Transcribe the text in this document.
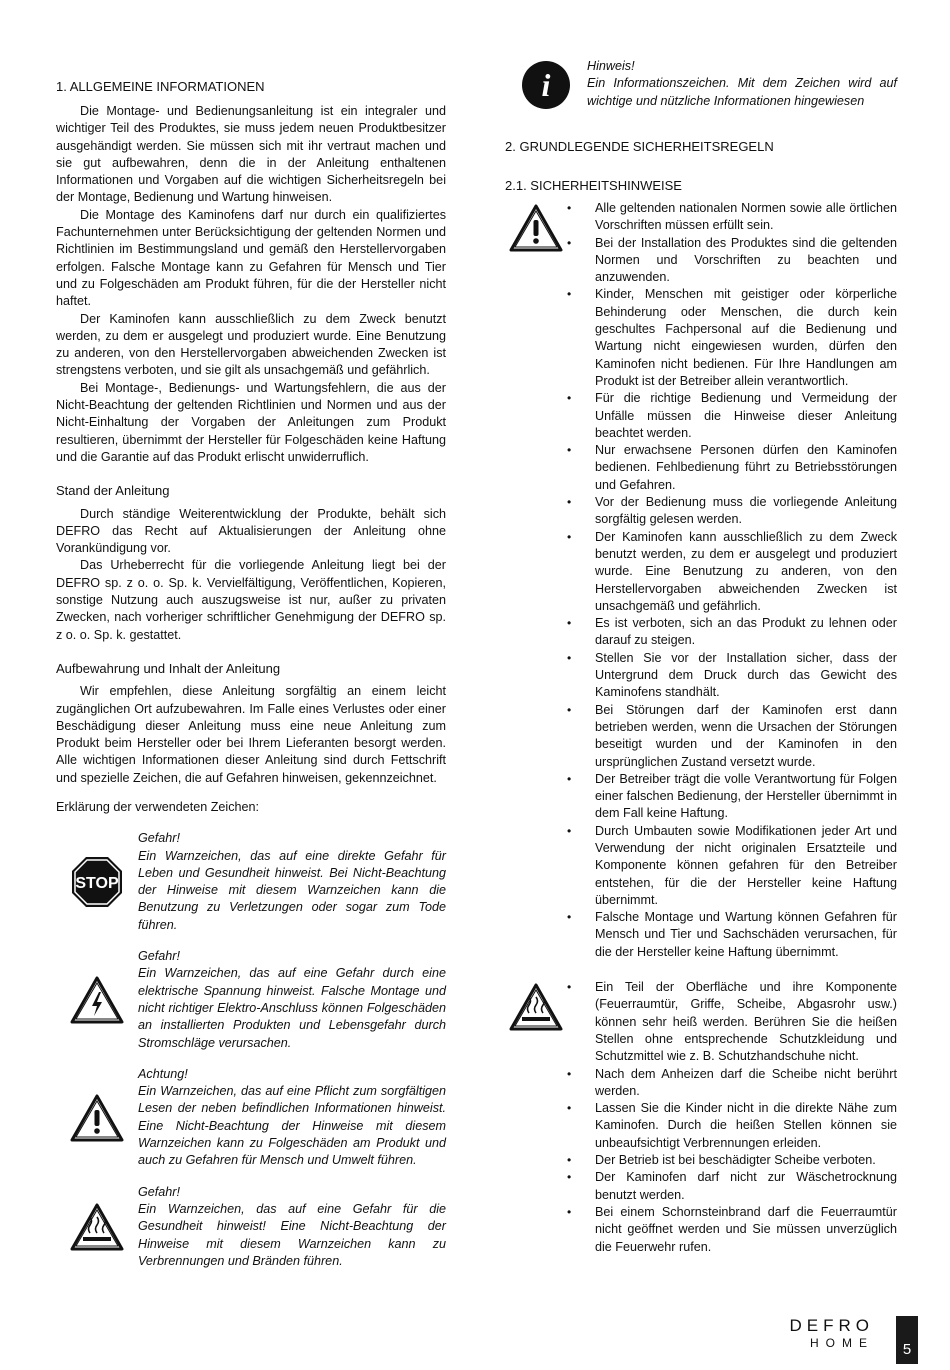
1. ALLGEMEINE INFORMATIONEN

Die Montage- und Bedienungsanleitung ist ein integraler und wichtiger Teil des Produktes, sie muss jedem neuen Produktbesitzer ausgehändigt werden. Sie müssen sich mit ihr vertraut machen und sie gut aufbewahren, denn die in der Anleitung enthaltenen Informationen und Vorgaben auf die wichtigen Sicherheitsregeln bei der Montage, Bedienung und Wartung hinweisen.

Die Montage des Kaminofens darf nur durch ein qualifiziertes Fachunternehmen unter Berücksichtigung der geltenden Normen und Richtlinien im Bestimmungsland und gemäß den Herstellervorgaben erfolgen. Falsche Montage kann zu Gefahren für Mensch und Tier und zu Folgeschäden am Produkt führen, für die der Hersteller nicht haftet.

Der Kaminofen kann ausschließlich zu dem Zweck benutzt werden, zu dem er ausgelegt und produziert wurde. Eine Benutzung zu anderen, von den Herstellervorgaben abweichenden Zwecken ist strengstens verboten, und sie gilt als unsachgemäß und gefährlich.

Bei Montage-, Bedienungs- und Wartungsfehlern, die aus der Nicht-Beachtung der geltenden Richtlinien und Normen und aus der Nicht-Einhaltung der Vorgaben der Anleitungen zum Produkt resultieren, übernimmt der Hersteller für Folgeschäden keine Haftung und die Garantie auf das Produkt erlischt unwiderruflich.

Stand der Anleitung

Durch ständige Weiterentwicklung der Produkte, behält sich DEFRO das Recht auf Aktualisierungen der Anleitung ohne Vorankündigung vor.

Das Urheberrecht für die vorliegende Anleitung liegt bei der DEFRO sp. z o. o. Sp. k. Vervielfältigung, Veröffentlichen, Kopieren, sonstige Nutzung auch auszugsweise ist nur, außer zu privaten Zwecken, nach vorheriger schriftlicher Genehmigung der DEFRO sp. z o. o. Sp. k. gestattet.

Aufbewahrung und Inhalt der Anleitung

Wir empfehlen, diese Anleitung sorgfältig an einem leicht zugänglichen Ort aufzubewahren. Im Falle eines Verlustes oder einer Beschädigung dieser Anleitung muss eine neue Anleitung zum Produkt beim Hersteller oder bei Ihrem Lieferanten besorgt werden. Alle wichtigen Informationen dieser Anleitung sind durch Fettschrift und spezielle Zeichen, die auf Gefahren hinweisen, gekennzeichnet.

Erklärung der verwendeten Zeichen:

STOP
Gefahr!
Ein Warnzeichen, das auf eine direkte Gefahr für Leben und Gesundheit hinweist. Bei Nicht-Beachtung der Hinweise mit diesem Warnzeichen kann die Benutzung zu Verletzungen oder sogar zum Tode führen.
Gefahr!
Ein Warnzeichen, das auf eine Gefahr durch eine elektrische Spannung hinweist. Falsche Montage und nicht richtiger Elektro-Anschluss können Folgeschäden an installierten Produkten und Lebensgefahr durch Stromschläge verursachen.
Achtung!
Ein Warnzeichen, das auf eine Pflicht zum sorgfältigen Lesen der neben befindlichen Informationen hinweist. Eine Nicht-Beachtung der Hinweise mit diesem Warnzeichen kann zu Folgeschäden am Produkt und auch zu Gefahren für Mensch und Umwelt führen.
Gefahr!
Ein Warnzeichen, das auf eine Gefahr für die Gesundheit hinweist! Eine Nicht-Beachtung der Hinweise mit diesem Warnzeichen kann zu Verbrennungen und Bränden führen.
i
Hinweis!
Ein Informationszeichen. Mit dem Zeichen wird auf wichtige und nützliche Informationen hingewiesen
2. GRUNDLEGENDE SICHERHEITSREGELN
2.1. SICHERHEITSHINWEISE
• Alle geltenden nationalen Normen sowie alle örtlichen Vorschriften müssen erfüllt sein.
• Bei der Installation des Produktes sind die geltenden Normen und Vorschriften zu beachten und anzuwenden.
• Kinder, Menschen mit geistiger oder körperliche Behinderung oder Menschen, die durch kein geschultes Fachpersonal auf die Bedienung und Wartung nicht eingewiesen wurden, dürfen den Kaminofen nicht bedienen. Für Ihre Handlungen am Produkt ist der Betreiber allein verantwortlich.
• Für die richtige Bedienung und Vermeidung der Unfälle müssen die Hinweise dieser Anleitung beachtet werden.
• Nur erwachsene Personen dürfen den Kaminofen bedienen. Fehlbedienung führt zu Betriebsstörungen und Gefahren.
• Vor der Bedienung muss die vorliegende Anleitung sorgfältig gelesen werden.
• Der Kaminofen kann ausschließlich zu dem Zweck benutzt werden, zu dem er ausgelegt und produziert wurde. Eine Benutzung zu anderen, von den Herstellervorgaben abweichenden Zwecken ist unsachgemäß und gefährlich.
• Es ist verboten, sich an das Produkt zu lehnen oder darauf zu steigen.
• Stellen Sie vor der Installation sicher, dass der Untergrund dem Druck durch das Gewicht des Kaminofens standhält.
• Bei Störungen darf der Kaminofen erst dann betrieben werden, wenn die Ursachen der Störungen beseitigt wurden und der Kaminofen in den ursprünglichen Zustand versetzt wurde.
• Der Betreiber trägt die volle Verantwortung für Folgen einer falschen Bedienung, der Hersteller übernimmt in dem Fall keine Haftung.
• Durch Umbauten sowie Modifikationen jeder Art und Verwendung der nicht originalen Ersatzteile und Komponente können gefahren für den Betreiber entstehen, für die der Hersteller keine Haftung übernimmt.
• Falsche Montage und Wartung können Gefahren für Mensch und Tier und Sachschäden verursachen, für die der Hersteller keine Haftung übernimmt.
• Ein Teil der Oberfläche und ihre Komponente (Feuerraumtür, Griffe, Scheibe, Abgasrohr usw.) können sehr heiß werden. Berühren Sie die heißen Stellen ohne entsprechende Schutzkleidung und Schutzmittel wie z. B. Schutzhandschuhe nicht.
• Nach dem Anheizen darf die Scheibe nicht berührt werden.
• Lassen Sie die Kinder nicht in die direkte Nähe zum Kaminofen. Durch die heißen Stellen können sie unbeaufsichtigt Verbrennungen erleiden.
• Der Betrieb ist bei beschädigter Scheibe verboten.
• Der Kaminofen darf nicht zur Wäschetrocknung benutzt werden.
• Bei einem Schornsteinbrand darf die Feuerraumtür nicht geöffnet werden und Sie müssen unverzüglich die Feuerwehr rufen.
DEFRO
HOME	5
